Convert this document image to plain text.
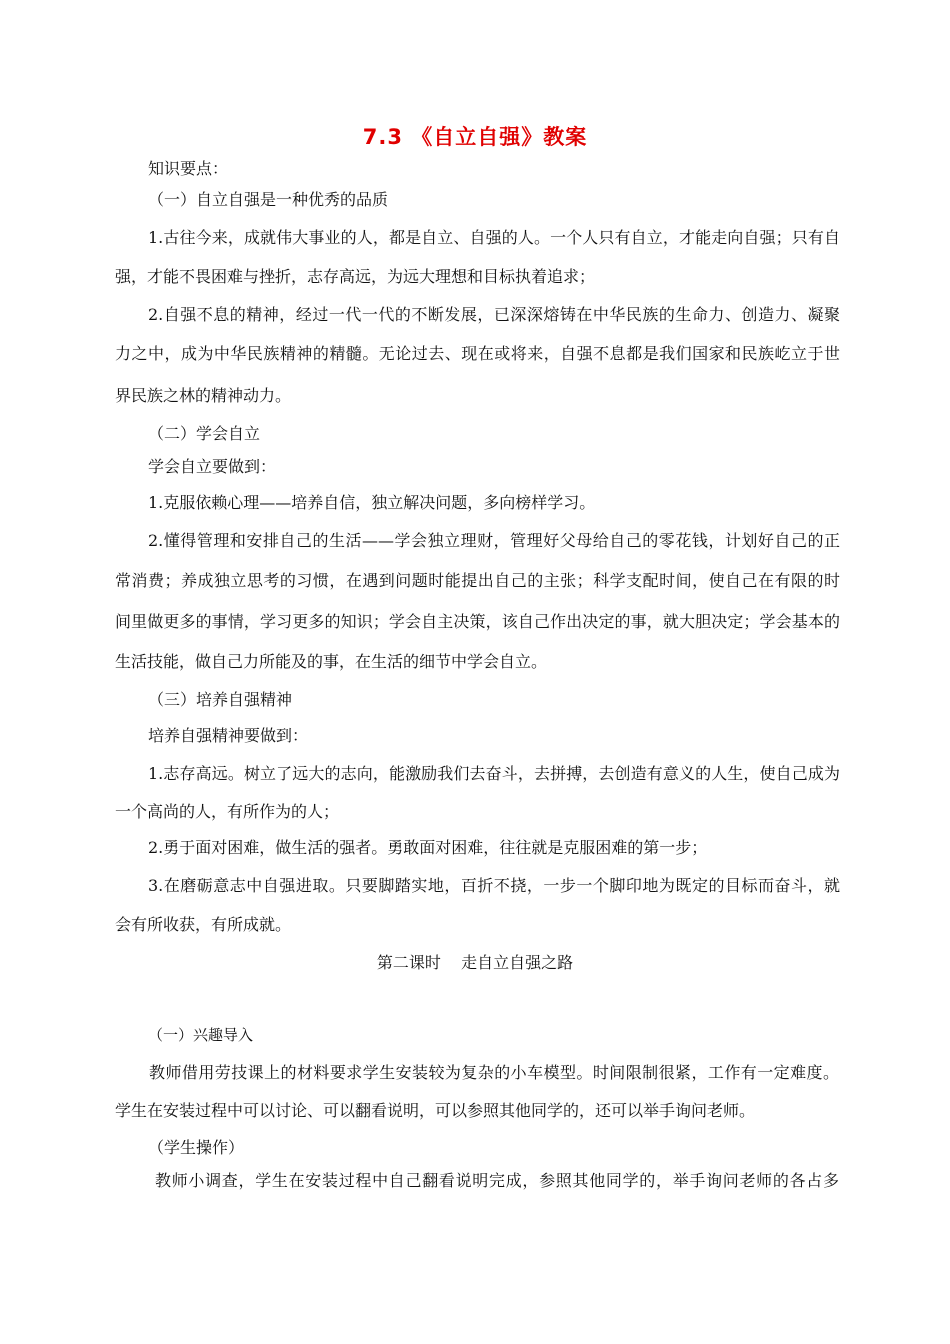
7.3 《自立自强》教案
知识要点：
（一）自立自强是一种优秀的品质
1.古往今来，成就伟大事业的人，都是自立、自强的人。一个人只有自立，才能走向自强；只有自
强，才能不畏困难与挫折，志存高远，为远大理想和目标执着追求；
2.自强不息的精神，经过一代一代的不断发展，已深深熔铸在中华民族的生命力、创造力、凝聚
力之中，成为中华民族精神的精髓。无论过去、现在或将来，自强不息都是我们国家和民族屹立于世
界民族之林的精神动力。
（二）学会自立
学会自立要做到：
1.克服依赖心理——培养自信，独立解决问题，多向榜样学习。
2.懂得管理和安排自己的生活——学会独立理财，管理好父母给自己的零花钱，计划好自己的正
常消费；养成独立思考的习惯，在遇到问题时能提出自己的主张；科学支配时间，使自己在有限的时
间里做更多的事情，学习更多的知识；学会自主决策，该自己作出决定的事，就大胆决定；学会基本的
生活技能，做自己力所能及的事，在生活的细节中学会自立。
（三）培养自强精神
培养自强精神要做到：
1.志存高远。树立了远大的志向，能激励我们去奋斗，去拼搏，去创造有意义的人生，使自己成为
一个高尚的人，有所作为的人；
2.勇于面对困难，做生活的强者。勇敢面对困难，往往就是克服困难的第一步；
3.在磨砺意志中自强进取。只要脚踏实地，百折不挠，一步一个脚印地为既定的目标而奋斗，就
会有所收获，有所成就。
第二课时    走自立自强之路
（一）兴趣导入
教师借用劳技课上的材料要求学生安装较为复杂的小车模型。时间限制很紧，工作有一定难度。
学生在安装过程中可以讨论、可以翻看说明，可以参照其他同学的，还可以举手询问老师。
（学生操作）
教师小调查，学生在安装过程中自己翻看说明完成，参照其他同学的，举手询问老师的各占多
